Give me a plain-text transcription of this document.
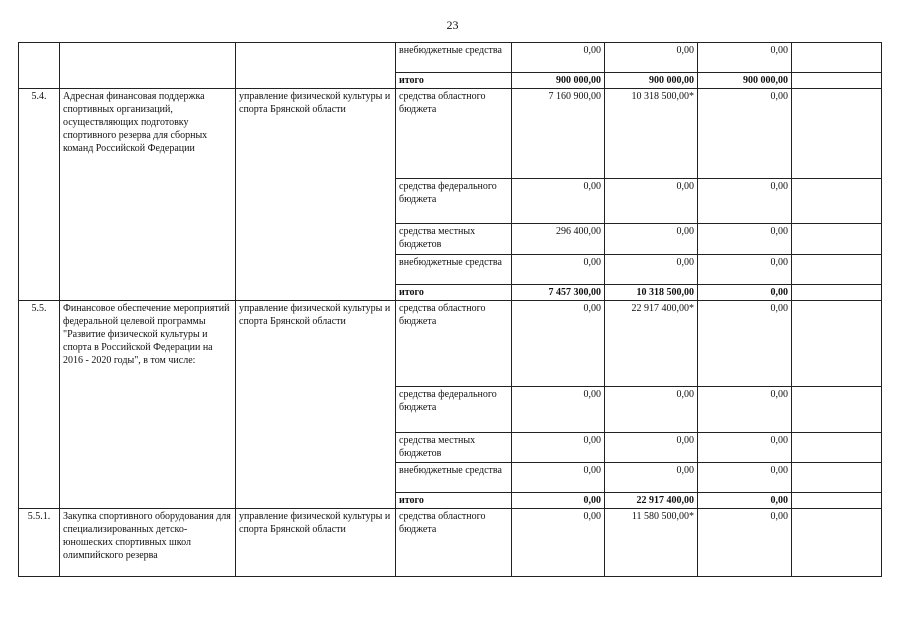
23
			внебюджетные средства	0,00	0,00	0,00	
			итого	900 000,00	900 000,00	900 000,00	
5.4.	Адресная финансовая поддержка спортивных организаций, осуществляющих подготовку спортивного резерва для сборных команд Российской Федерации	управление физической культуры и спорта Брянской области	средства областного бюджета	7 160 900,00	10 318 500,00*	0,00	
			средства федерального бюджета	0,00	0,00	0,00	
			средства местных бюджетов	296 400,00	0,00	0,00	
			внебюджетные средства	0,00	0,00	0,00	
			итого	7 457 300,00	10 318 500,00	0,00	
5.5.	Финансовое обеспечение мероприятий федеральной целевой программы "Развитие физической культуры и спорта в Российской Федерации на 2016 - 2020 годы", в том числе:	управление физической культуры и спорта Брянской области	средства областного бюджета	0,00	22 917 400,00*	0,00	
			средства федерального бюджета	0,00	0,00	0,00	
			средства местных бюджетов	0,00	0,00	0,00	
			внебюджетные средства	0,00	0,00	0,00	
			итого	0,00	22 917 400,00	0,00	
5.5.1.	Закупка спортивного оборудования для специализированных детско-юношеских спортивных школ олимпийского резерва	управление физической культуры и спорта Брянской области	средства областного бюджета	0,00	11 580 500,00*	0,00	
